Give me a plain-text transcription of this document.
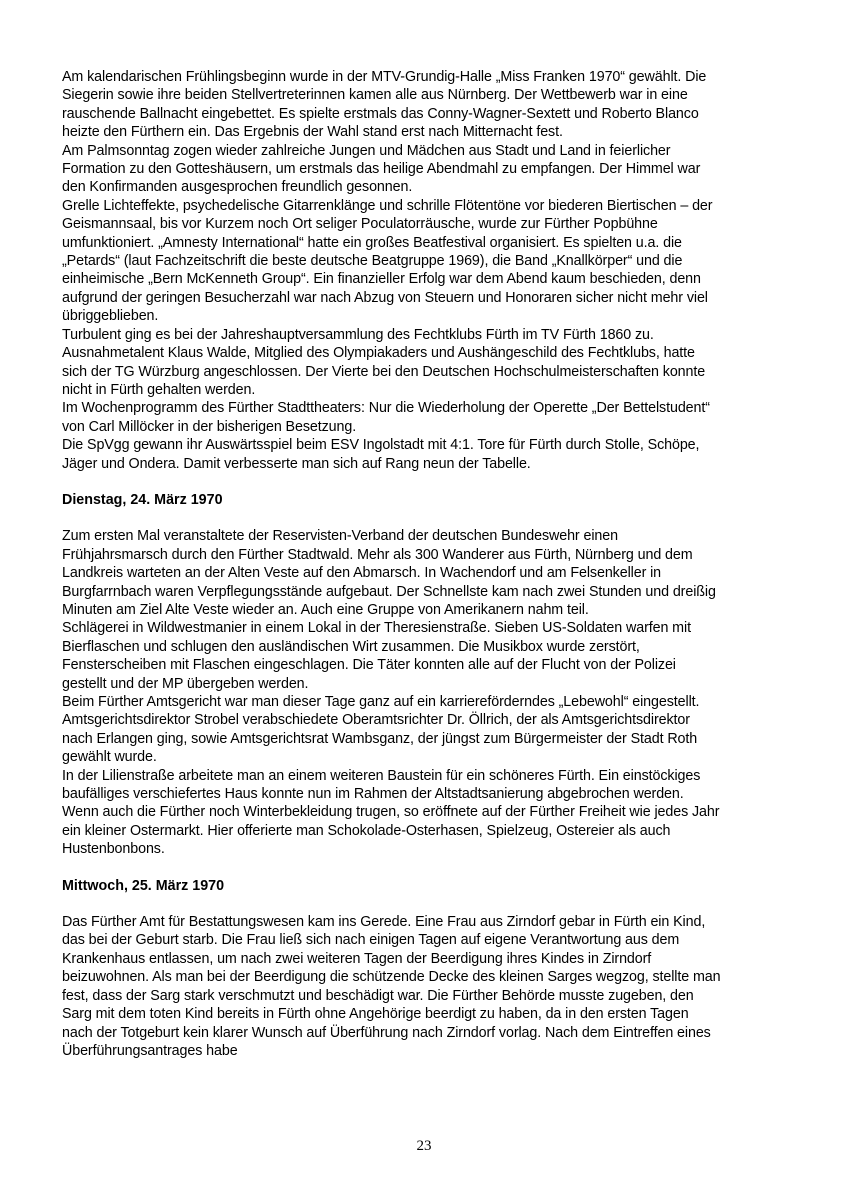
Am kalendarischen Frühlingsbeginn wurde in der MTV-Grundig-Halle „Miss Franken 1970“ gewählt. Die Siegerin sowie ihre beiden Stellvertreterinnen kamen alle aus Nürnberg. Der Wettbewerb war in eine rauschende Ballnacht eingebettet. Es spielte erstmals das Conny-Wagner-Sextett und Roberto Blanco heizte den Fürthern ein. Das Ergebnis der Wahl stand erst nach Mitternacht fest.

Am Palmsonntag zogen wieder zahlreiche Jungen und Mädchen aus Stadt und Land in feierlicher Formation zu den Gotteshäusern, um erstmals das heilige Abendmahl zu empfangen. Der Himmel war den Konfirmanden ausgesprochen freundlich gesonnen.

Grelle Lichteffekte, psychedelische Gitarrenklänge und schrille Flötentöne vor biederen Biertischen – der Geismannsaal, bis vor Kurzem noch Ort seliger Poculatorräusche, wurde zur Fürther Popbühne umfunktioniert. „Amnesty International“ hatte ein großes Beatfestival organisiert. Es spielten u.a. die „Petards“ (laut Fachzeitschrift die beste deutsche Beatgruppe 1969), die Band „Knallkörper“ und die einheimische „Bern McKenneth Group“. Ein finanzieller Erfolg war dem Abend kaum beschieden, denn aufgrund der geringen Besucherzahl war nach Abzug von Steuern und Honoraren sicher nicht mehr viel übriggeblieben.

Turbulent ging es bei der Jahreshauptversammlung des Fechtklubs Fürth im TV Fürth 1860 zu. Ausnahmetalent Klaus Walde, Mitglied des Olympiakaders und Aushängeschild des Fechtklubs, hatte sich der TG Würzburg angeschlossen. Der Vierte bei den Deutschen Hochschulmeisterschaften konnte nicht in Fürth gehalten werden.

Im Wochenprogramm des Fürther Stadttheaters: Nur die Wiederholung der Operette „Der Bettelstudent“ von Carl Millöcker in der bisherigen Besetzung.

Die SpVgg gewann ihr Auswärtsspiel beim ESV Ingolstadt mit 4:1. Tore für Fürth durch Stolle, Schöpe, Jäger und Ondera. Damit verbesserte man sich auf Rang neun der Tabelle.

Dienstag, 24. März 1970

Zum ersten Mal veranstaltete der Reservisten-Verband der deutschen Bundeswehr einen Frühjahrsmarsch durch den Fürther Stadtwald. Mehr als 300 Wanderer aus Fürth, Nürnberg und dem Landkreis warteten an der Alten Veste auf den Abmarsch. In Wachendorf und am Felsenkeller in Burgfarrnbach waren Verpflegungsstände aufgebaut. Der Schnellste kam nach zwei Stunden und dreißig Minuten am Ziel Alte Veste wieder an. Auch eine Gruppe von Amerikanern nahm teil.

Schlägerei in Wildwestmanier in einem Lokal in der Theresienstraße. Sieben US-Soldaten warfen mit Bierflaschen und schlugen den ausländischen Wirt zusammen. Die Musikbox wurde zerstört, Fensterscheiben mit Flaschen eingeschlagen. Die Täter konnten alle auf der Flucht von der Polizei gestellt und der MP übergeben werden.

Beim Fürther Amtsgericht war man dieser Tage ganz auf ein karriereförderndes „Lebewohl“ eingestellt. Amtsgerichtsdirektor Strobel verabschiedete Oberamtsrichter Dr. Öllrich, der als Amtsgerichtsdirektor nach Erlangen ging, sowie Amtsgerichtsrat Wambsganz, der jüngst zum Bürgermeister der Stadt Roth gewählt wurde.

In der Lilienstraße arbeitete man an einem weiteren Baustein für ein schöneres Fürth. Ein einstöckiges baufälliges verschiefertes Haus konnte nun im Rahmen der Altstadtsanierung abgebrochen werden.

Wenn auch die Fürther noch Winterbekleidung trugen, so eröffnete auf der Fürther Freiheit wie jedes Jahr ein kleiner Ostermarkt. Hier offerierte man Schokolade-Osterhasen, Spielzeug, Ostereier als auch Hustenbonbons.

Mittwoch, 25. März 1970

Das Fürther Amt für Bestattungswesen kam ins Gerede. Eine Frau aus Zirndorf gebar in Fürth ein Kind, das bei der Geburt starb. Die Frau ließ sich nach einigen Tagen auf eigene Verantwortung aus dem Krankenhaus entlassen, um nach zwei weiteren Tagen der Beerdigung ihres Kindes in Zirndorf beizuwohnen. Als man bei der Beerdigung die schützende Decke des kleinen Sarges wegzog, stellte man fest, dass der Sarg stark verschmutzt und beschädigt war. Die Fürther Behörde musste zugeben, den Sarg mit dem toten Kind bereits in Fürth ohne Angehörige beerdigt zu haben, da in den ersten Tagen nach der Totgeburt kein klarer Wunsch auf Überführung nach Zirndorf vorlag. Nach dem Eintreffen eines Überführungsantrages habe

23
